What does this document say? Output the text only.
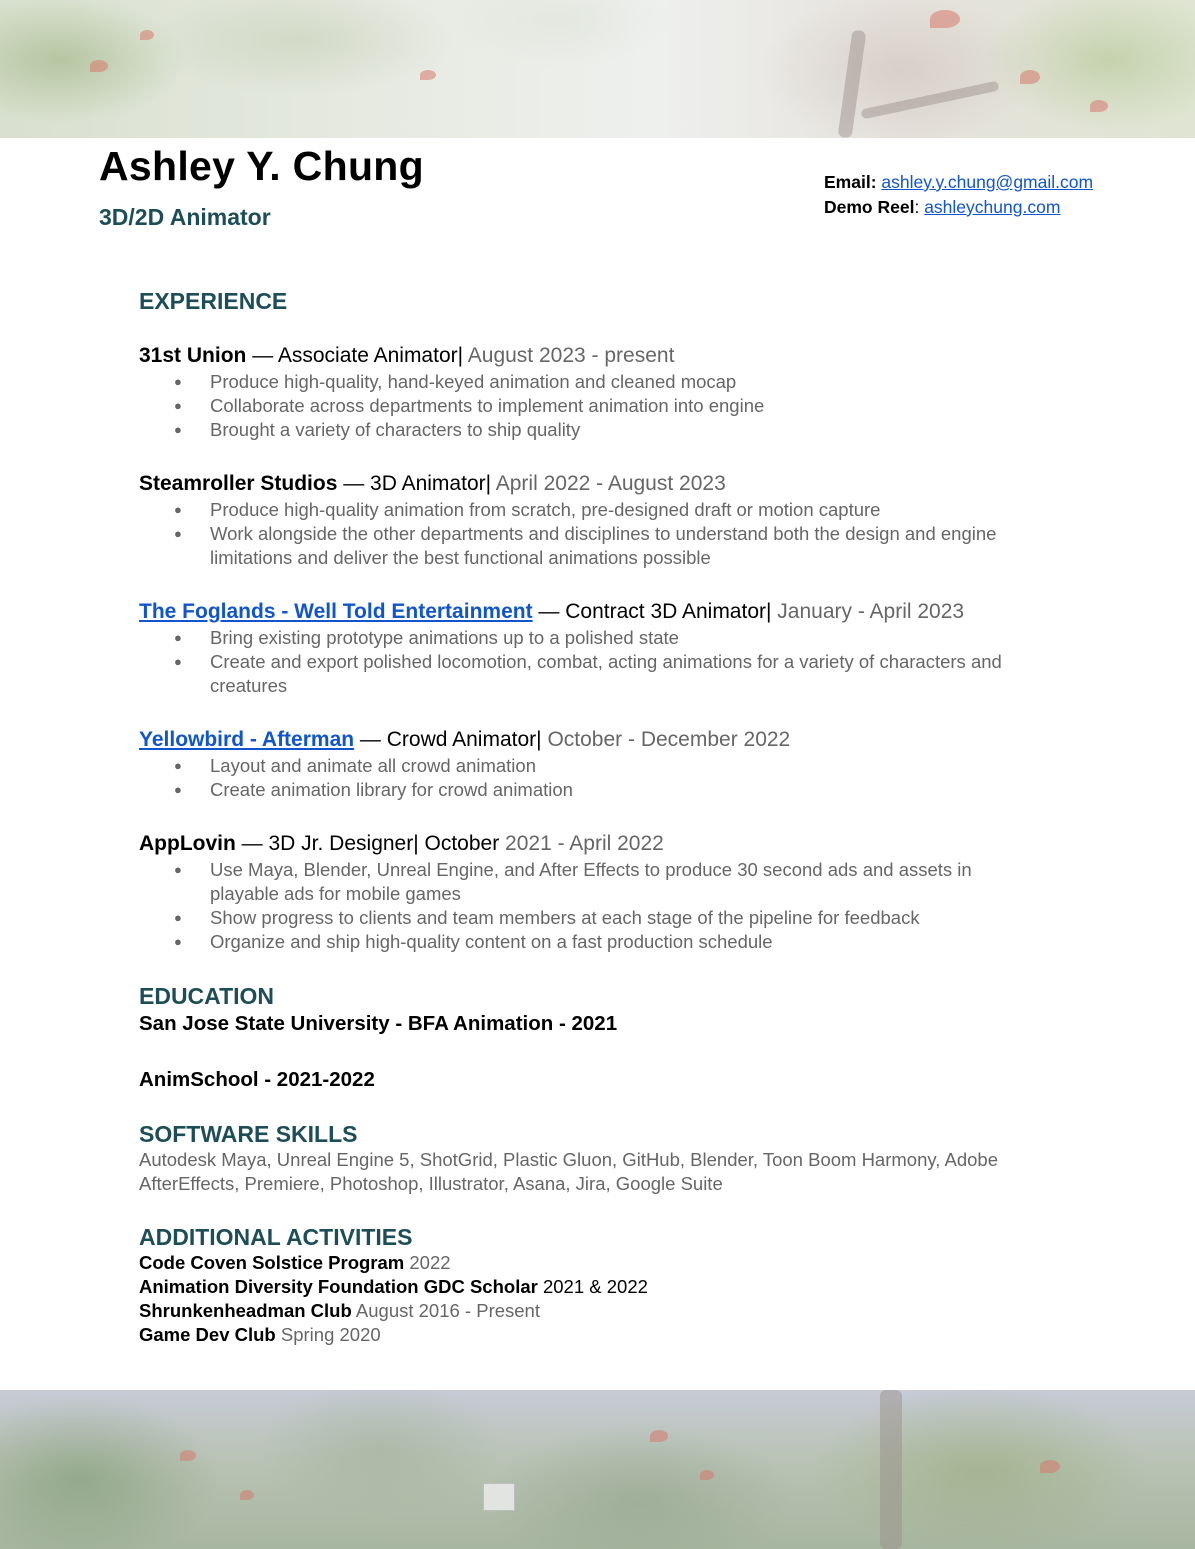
Ashley Y. Chung
3D/2D Animator
Email: ashley.y.chung@gmail.com
Demo Reel: ashleychung.com
EXPERIENCE

31st Union — Associate Animator| August 2023 - present

● Produce high-quality, hand-keyed animation and cleaned mocap
● Collaborate across departments to implement animation into engine
● Brought a variety of characters to ship quality

Steamroller Studios — 3D Animator| April 2022 - August 2023

● Produce high-quality animation from scratch, pre-designed draft or motion capture
● Work alongside the other departments and disciplines to understand both the design and engine limitations and deliver the best functional animations possible

The Foglands - Well Told Entertainment — Contract 3D Animator| January - April 2023

● Bring existing prototype animations up to a polished state
● Create and export polished locomotion, combat, acting animations for a variety of characters and creatures

Yellowbird - Afterman — Crowd Animator| October - December 2022

● Layout and animate all crowd animation
● Create animation library for crowd animation

AppLovin — 3D Jr. Designer| October 2021 - April 2022

● Use Maya, Blender, Unreal Engine, and After Effects to produce 30 second ads and assets in playable ads for mobile games
● Show progress to clients and team members at each stage of the pipeline for feedback
● Organize and ship high-quality content on a fast production schedule
EDUCATION

San Jose State University - BFA Animation - 2021

AnimSchool - 2021-2022

SOFTWARE SKILLS

Autodesk Maya, Unreal Engine 5, ShotGrid, Plastic Gluon, GitHub, Blender, Toon Boom Harmony, Adobe AfterEffects, Premiere, Photoshop, Illustrator, Asana, Jira, Google Suite

ADDITIONAL ACTIVITIES

Code Coven Solstice Program 2022

Animation Diversity Foundation GDC Scholar 2021 & 2022

Shrunkenheadman Club August 2016 - Present

Game Dev Club Spring 2020
